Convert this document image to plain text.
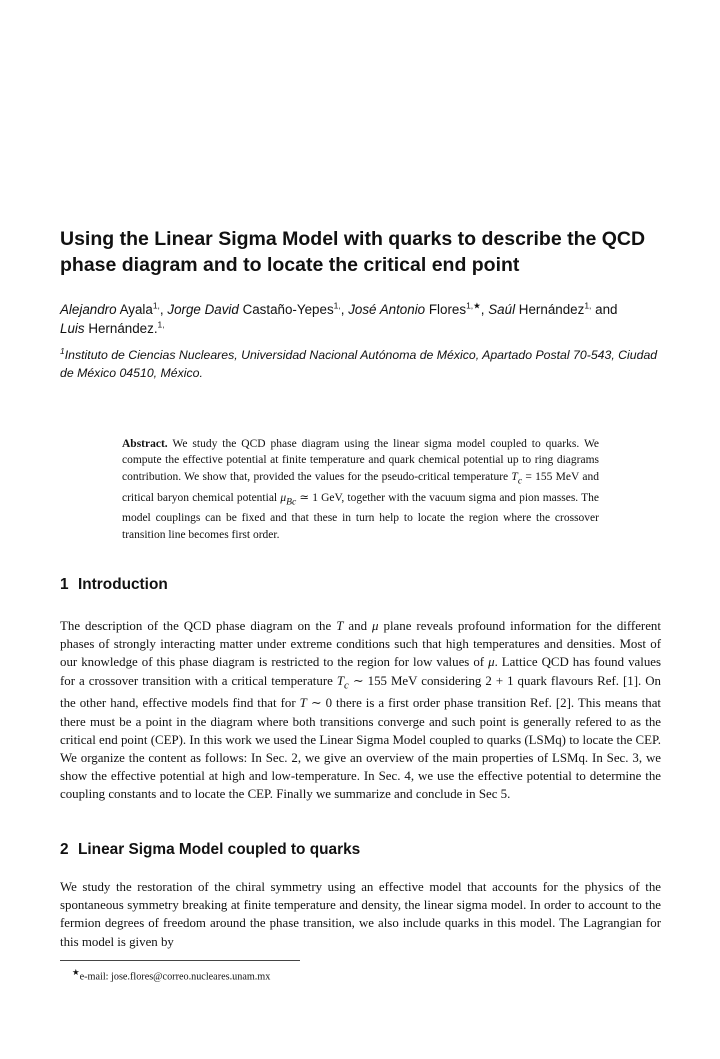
Using the Linear Sigma Model with quarks to describe the QCD phase diagram and to locate the critical end point
Alejandro Ayala$^{1,}$, Jorge David Castaño-Yepes$^{1,}$, José Antonio Flores$^{1,★}$, Saúl Hernández$^{1,}$ and
Luis Hernández.$^{1,}$
$^1$Instituto de Ciencias Nucleares, Universidad Nacional Autónoma de México, Apartado Postal 70-543, Ciudad de México 04510, México.
Abstract. We study the QCD phase diagram using the linear sigma model coupled to quarks. We compute the effective potential at finite temperature and quark chemical potential up to ring diagrams contribution. We show that, provided the values for the pseudo-critical temperature $T_c = 155$ MeV and critical baryon chemical potential $\mu_{Bc}$ ≃ 1 GeV, together with the vacuum sigma and pion masses. The model couplings can be fixed and that these in turn help to locate the region where the crossover transition line becomes first order.
1 Introduction
The description of the QCD phase diagram on the T and μ plane reveals profound information for the different phases of strongly interacting matter under extreme conditions such that high temperatures and densities. Most of our knowledge of this phase diagram is restricted to the region for low values of μ. Lattice QCD has found values for a crossover transition with a critical temperature $T_c$ ∼ 155 MeV considering 2 + 1 quark flavours Ref. [1]. On the other hand, effective models find that for T ∼ 0 there is a first order phase transition Ref. [2]. This means that there must be a point in the diagram where both transitions converge and such point is generally refered to as the critical end point (CEP). In this work we used the Linear Sigma Model coupled to quarks (LSMq) to locate the CEP. We organize the content as follows: In Sec. 2, we give an overview of the main properties of LSMq. In Sec. 3, we show the effective potential at high and low-temperature. In Sec. 4, we use the effective potential to determine the coupling constants and to locate the CEP. Finally we summarize and conclude in Sec 5.
2 Linear Sigma Model coupled to quarks
We study the restoration of the chiral symmetry using an effective model that accounts for the physics of the spontaneous symmetry breaking at finite temperature and density, the linear sigma model. In order to account to the fermion degrees of freedom around the phase transition, we also include quarks in this model. The Lagrangian for this model is given by
★e-mail: jose.flores@correo.nucleares.unam.mx
